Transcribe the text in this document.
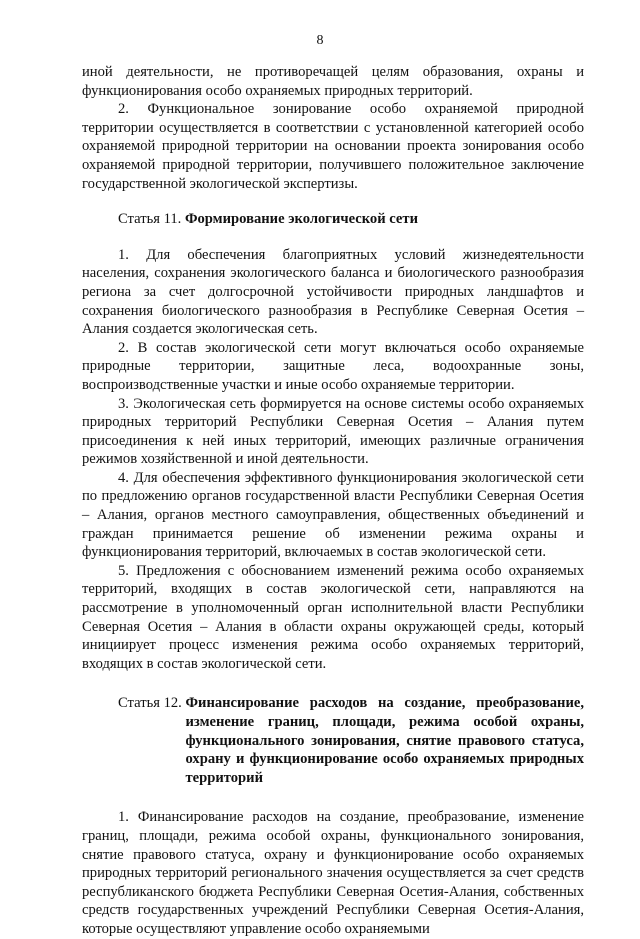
8

иной деятельности, не противоречащей целям образования, охраны и функционирования особо охраняемых природных территорий.

2. Функциональное зонирование особо охраняемой природной территории осуществляется в соответствии с установленной категорией особо охраняемой природной территории на основании проекта зонирования особо охраняемой природной территории, получившего положительное заключение государственной экологической экспертизы.

Статья 11. Формирование экологической сети

1. Для обеспечения благоприятных условий жизнедеятельности населения, сохранения экологического баланса и биологического разнообразия региона за счет долгосрочной устойчивости природных ландшафтов и сохранения биологического разнообразия в Республике Северная Осетия – Алания создается экологическая сеть.

2. В состав экологической сети могут включаться особо охраняемые природные территории, защитные леса, водоохранные зоны, воспроизводственные участки и иные особо охраняемые территории.

3. Экологическая сеть формируется на основе системы особо охраняемых природных территорий Республики Северная Осетия – Алания путем присоединения к ней иных территорий, имеющих различные ограничения режимов хозяйственной и иной деятельности.

4. Для обеспечения эффективного функционирования экологической сети по предложению органов государственной власти Республики Северная Осетия – Алания, органов местного самоуправления, общественных объединений и граждан принимается решение об изменении режима охраны и функционирования территорий, включаемых в состав экологической сети.

5. Предложения с обоснованием изменений режима особо охраняемых территорий, входящих в состав экологической сети, направляются на рассмотрение в уполномоченный орган исполнительной власти Республики Северная Осетия – Алания в области охраны окружающей среды, который инициирует процесс изменения режима особо охраняемых территорий, входящих в состав экологической сети.

Статья 12.
Финансирование расходов на создание, преобразование, изменение границ, площади, режима особой охраны, функционального зонирования, снятие правового статуса, охрану и функционирование особо охраняемых природных территорий

1. Финансирование расходов на создание, преобразование, изменение границ, площади, режима особой охраны, функционального зонирования, снятие правового статуса, охрану и функционирование особо охраняемых природных территорий регионального значения осуществляется за счет средств республиканского бюджета Республики Северная Осетия-Алания, собственных средств государственных учреждений Республики Северная Осетия-Алания, которые осуществляют управление особо охраняемыми
